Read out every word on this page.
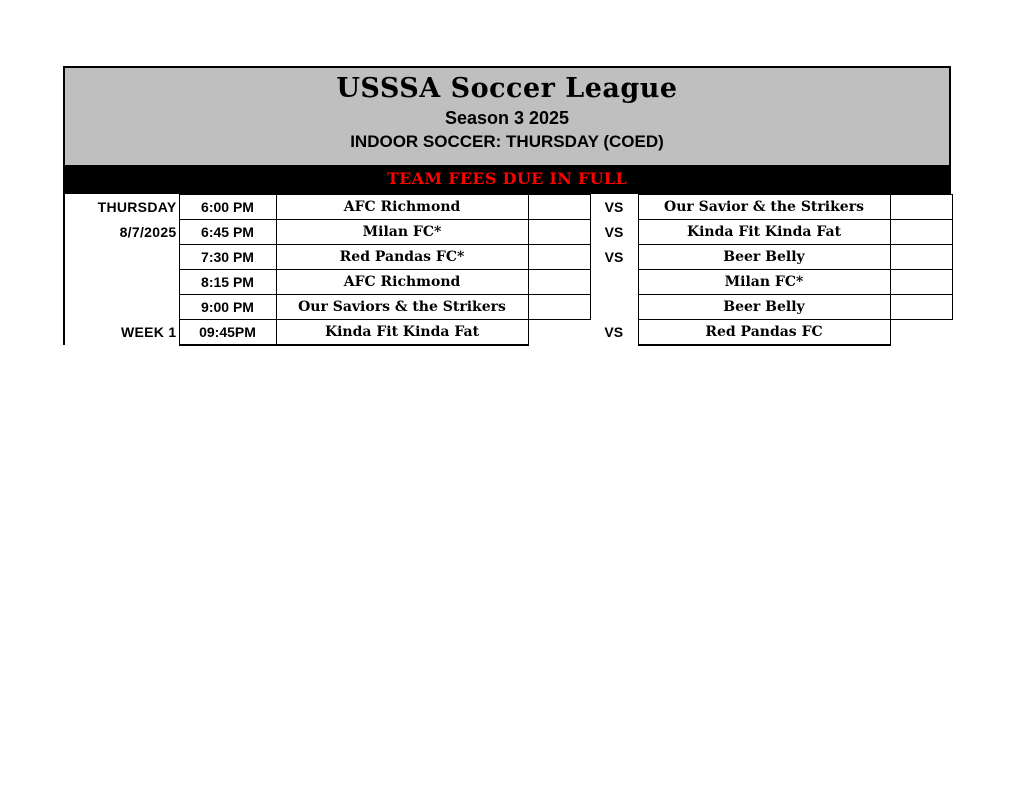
USSSA Soccer League
Season 3 2025
INDOOR SOCCER: THURSDAY (COED)
TEAM FEES DUE IN FULL
THURSDAY	6:00 PM	AFC Richmond		VS	Our Savior & the Strikers	
8/7/2025	6:45 PM	Milan FC*		VS	Kinda Fit Kinda Fat	
	7:30 PM	Red Pandas FC*		VS	Beer Belly	
	8:15 PM	AFC Richmond			Milan FC*	
	9:00 PM	Our Saviors & the Strikers			Beer Belly	
WEEK 1	09:45PM	Kinda Fit Kinda Fat		VS	Red Pandas FC	
